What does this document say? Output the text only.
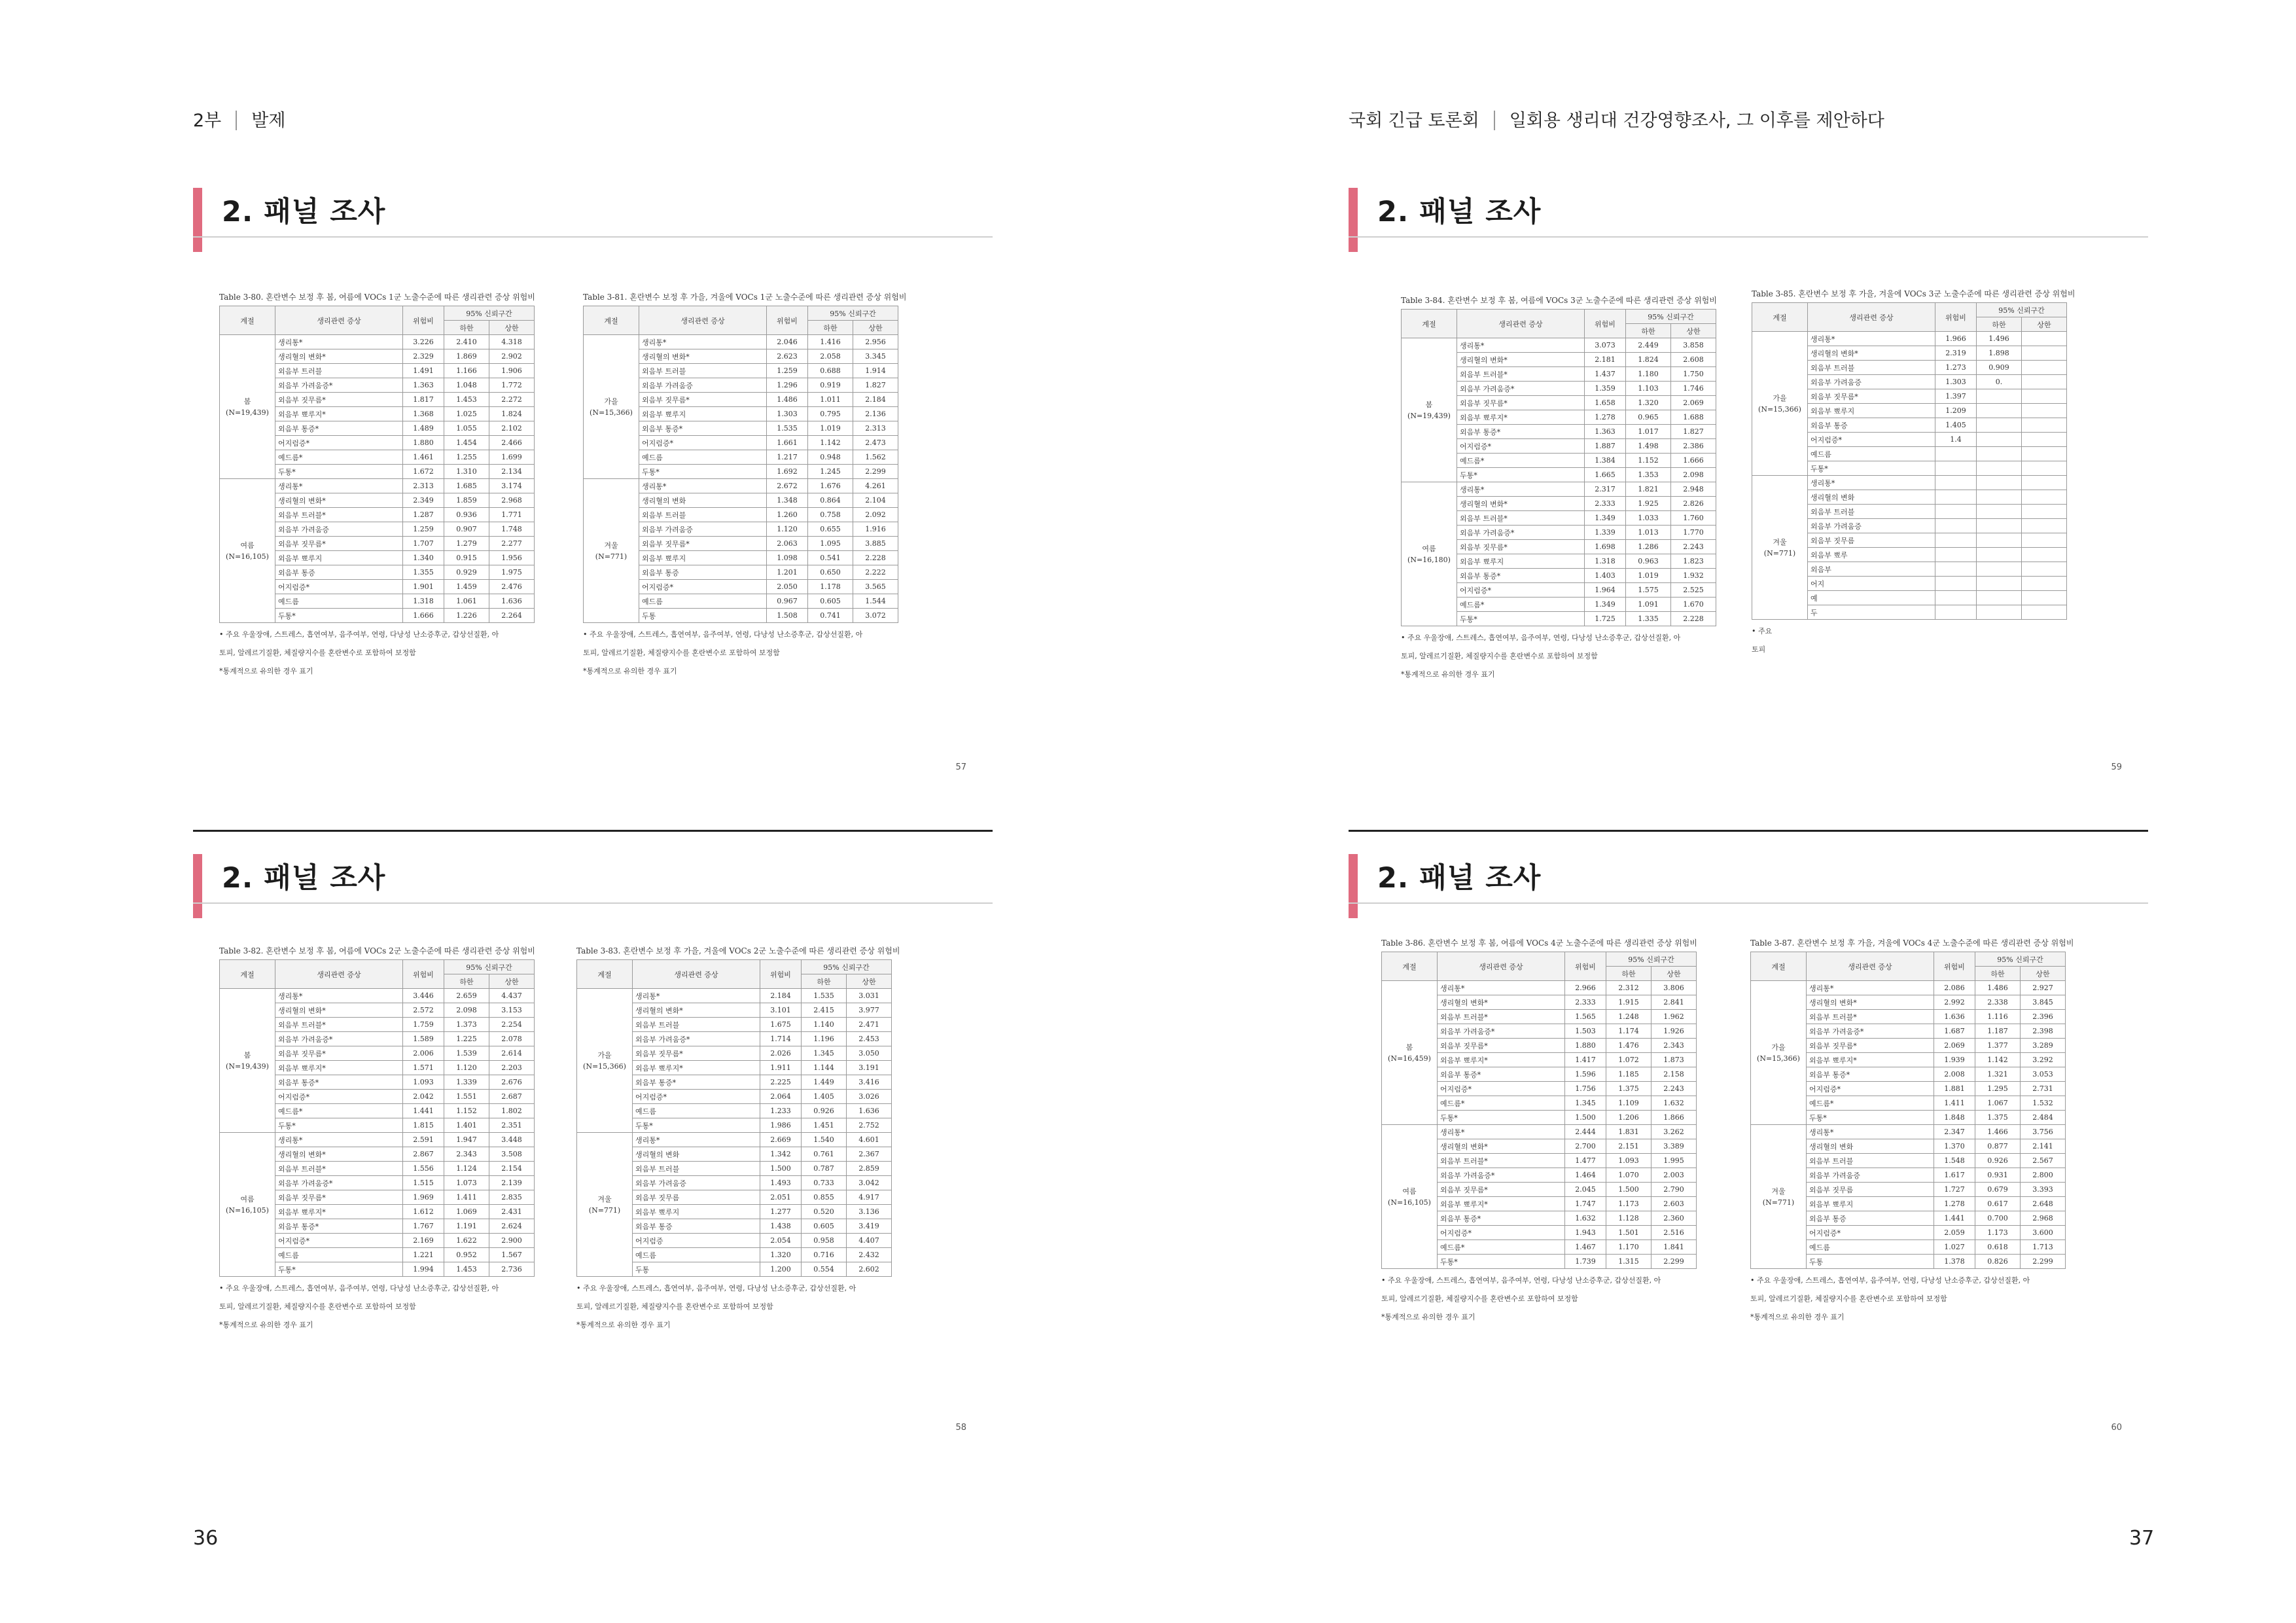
2부 발제	국회 긴급 토론회 일회용 생리대 건강영향조사, 그 이후를 제안하다
2. 패널 조사
57
Table 3-80. 혼란변수 보정 후 봄, 여름에 VOCs 1군 노출수준에 따른 생리관련 증상 위험비
계절	생리관련 증상	위험비	95% 신뢰구간	
			하한	상한

봄
(N=19,439)	생리통*	3.226	2.410	4.318
	생리혈의 변화*	2.329	1.869	2.902
	외음부 트러블	1.491	1.166	1.906
	외음부 가려움증*	1.363	1.048	1.772
	외음부 짓무름*	1.817	1.453	2.272
	외음부 뾰루지*	1.368	1.025	1.824
	외음부 통증*	1.489	1.055	2.102
	어지럼증*	1.880	1.454	2.466
	예드름*	1.461	1.255	1.699
	두통*	1.672	1.310	2.134

여름
(N=16,105)	생리통*	2.313	1.685	3.174
	생리혈의 변화*	2.349	1.859	2.968
	외음부 트러블*	1.287	0.936	1.771
	외음부 가려움증	1.259	0.907	1.748
	외음부 짓무름*	1.707	1.279	2.277
	외음부 뾰루지	1.340	0.915	1.956
	외음부 통증	1.355	0.929	1.975
	어지럼증*	1.901	1.459	2.476
	예드름	1.318	1.061	1.636
	두통*	1.666	1.226	2.264
• 주요 우울장애, 스트레스, 흡연여부, 음주여부, 연령, 다낭성 난소증후군, 갑상선질환, 아
토피, 알레르기질환, 체질량지수를 혼란변수로 포함하여 보정함
*통계적으로 유의한 경우 표기
Table 3-81. 혼란변수 보정 후 가을, 겨울에 VOCs 1군 노출수준에 따른 생리관련 증상 위험비
계절	생리관련 증상	위험비	95% 신뢰구간	
			하한	상한

가을
(N=15,366)	생리통*	2.046	1.416	2.956
	생리혈의 변화*	2.623	2.058	3.345
	외음부 트러블	1.259	0.688	1.914
	외음부 가려움증	1.296	0.919	1.827
	외음부 짓무름*	1.486	1.011	2.184
	외음부 뾰루지	1.303	0.795	2.136
	외음부 통증*	1.535	1.019	2.313
	어지럼증*	1.661	1.142	2.473
	예드름	1.217	0.948	1.562
	두통*	1.692	1.245	2.299

겨울
(N=771)	생리통*	2.672	1.676	4.261
	생리혈의 변화	1.348	0.864	2.104
	외음부 트러블	1.260	0.758	2.092
	외음부 가려움증	1.120	0.655	1.916
	외음부 짓무름*	2.063	1.095	3.885
	외음부 뾰루지	1.098	0.541	2.228
	외음부 통증	1.201	0.650	2.222
	어지럼증*	2.050	1.178	3.565
	예드름	0.967	0.605	1.544
	두통	1.508	0.741	3.072
• 주요 우울장애, 스트레스, 흡연여부, 음주여부, 연령, 다낭성 난소증후군, 갑상선질환, 아
토피, 알레르기질환, 체질량지수를 혼란변수로 포함하여 보정함
*통계적으로 유의한 경우 표기
2. 패널 조사
58
Table 3-82. 혼란변수 보정 후 봄, 여름에 VOCs 2군 노출수준에 따른 생리관련 증상 위험비
계절	생리관련 증상	위험비	95% 신뢰구간	
			하한	상한

봄
(N=19,439)	생리통*	3.446	2.659	4.437
	생리혈의 변화*	2.572	2.098	3.153
	외음부 트러블*	1.759	1.373	2.254
	외음부 가려움증*	1.589	1.225	2.078
	외음부 짓무름*	2.006	1.539	2.614
	외음부 뾰루지*	1.571	1.120	2.203
	외음부 통증*	1.093	1.339	2.676
	어지럼증*	2.042	1.551	2.687
	예드름*	1.441	1.152	1.802
	두통*	1.815	1.401	2.351

여름
(N=16,105)	생리통*	2.591	1.947	3.448
	생리혈의 변화*	2.867	2.343	3.508
	외음부 트러블*	1.556	1.124	2.154
	외음부 가려움증*	1.515	1.073	2.139
	외음부 짓무름*	1.969	1.411	2.835
	외음부 뾰루지*	1.612	1.069	2.431
	외음부 통증*	1.767	1.191	2.624
	어지럼증*	2.169	1.622	2.900
	예드름	1.221	0.952	1.567
	두통*	1.994	1.453	2.736
• 주요 우울장애, 스트레스, 흡연여부, 음주여부, 연령, 다낭성 난소증후군, 갑상선질환, 아
토피, 알레르기질환, 체질량지수를 혼란변수로 포함하여 보정함
*통계적으로 유의한 경우 표기
Table 3-83. 혼란변수 보정 후 가을, 겨울에 VOCs 2군 노출수준에 따른 생리관련 증상 위험비
계절	생리관련 증상	위험비	95% 신뢰구간	
			하한	상한

가을
(N=15,366)	생리통*	2.184	1.535	3.031
	생리혈의 변화*	3.101	2.415	3.977
	외음부 트러블	1.675	1.140	2.471
	외음부 가려움증*	1.714	1.196	2.453
	외음부 짓무름*	2.026	1.345	3.050
	외음부 뾰루지*	1.911	1.144	3.191
	외음부 통증*	2.225	1.449	3.416
	어지럼증*	2.064	1.405	3.026
	예드름	1.233	0.926	1.636
	두통*	1.986	1.451	2.752

겨울
(N=771)	생리통*	2.669	1.540	4.601
	생리혈의 변화	1.342	0.761	2.367
	외음부 트러블	1.500	0.787	2.859
	외음부 가려움증	1.493	0.733	3.042
	외음부 짓무름	2.051	0.855	4.917
	외음부 뾰루지	1.277	0.520	3.136
	외음부 통증	1.438	0.605	3.419
	어지럼증	2.054	0.958	4.407
	예드름	1.320	0.716	2.432
	두통	1.200	0.554	2.602
• 주요 우울장애, 스트레스, 흡연여부, 음주여부, 연령, 다낭성 난소증후군, 갑상선질환, 아
토피, 알레르기질환, 체질량지수를 혼란변수로 포함하여 보정함
*통계적으로 유의한 경우 표기
2. 패널 조사
59
Table 3-84. 혼란변수 보정 후 봄, 여름에 VOCs 3군 노출수준에 따른 생리관련 증상 위험비
계절	생리관련 증상	위험비	95% 신뢰구간	
			하한	상한

봄
(N=19,439)	생리통*	3.073	2.449	3.858
	생리혈의 변화*	2.181	1.824	2.608
	외음부 트러블*	1.437	1.180	1.750
	외음부 가려움증*	1.359	1.103	1.746
	외음부 짓무름*	1.658	1.320	2.069
	외음부 뾰루지*	1.278	0.965	1.688
	외음부 통증*	1.363	1.017	1.827
	어지럼증*	1.887	1.498	2.386
	예드름*	1.384	1.152	1.666
	두통*	1.665	1.353	2.098

여름
(N=16,180)	생리통*	2.317	1.821	2.948
	생리혈의 변화*	2.333	1.925	2.826
	외음부 트러블*	1.349	1.033	1.760
	외음부 가려움증*	1.339	1.013	1.770
	외음부 짓무름*	1.698	1.286	2.243
	외음부 뾰루지	1.318	0.963	1.823
	외음부 통증*	1.403	1.019	1.932
	어지럼증*	1.964	1.575	2.525
	예드름*	1.349	1.091	1.670
	두통*	1.725	1.335	2.228
• 주요 우울장애, 스트레스, 흡연여부, 음주여부, 연령, 다낭성 난소증후군, 갑상선질환, 아
토피, 알레르기질환, 체질량지수를 혼란변수로 포함하여 보정함
*통계적으로 유의한 경우 표기
Table 3-85. 혼란변수 보정 후 가을, 겨울에 VOCs 3군 노출수준에 따른 생리관련 증상 위험비
계절	생리관련 증상	위험비	95% 신뢰구간	
			하한	상한

가을
(N=15,366)	생리통*	1.966	1.496	
	생리혈의 변화*	2.319	1.898	
	외음부 트러블	1.273	0.909	
	외음부 가려움증	1.303	0.	
	외음부 짓무름*	1.397		
	외음부 뾰루지	1.209		
	외음부 통증	1.405		
	어지럼증*	1.4		
	예드름			
	두통*			

겨울
(N=771)	생리통*			
	생리혈의 변화			
	외음부 트러블			
	외음부 가려움증			
	외음부 짓무름			
	외음부 뾰루			
	외음부			
	어지			
	예			
	두			
• 주요
토피
2. 패널 조사
60
Table 3-86. 혼란변수 보정 후 봄, 여름에 VOCs 4군 노출수준에 따른 생리관련 증상 위험비
계절	생리관련 증상	위험비	95% 신뢰구간	
			하한	상한

봄
(N=16,459)	생리통*	2.966	2.312	3.806
	생리혈의 변화*	2.333	1.915	2.841
	외음부 트러블*	1.565	1.248	1.962
	외음부 가려움증*	1.503	1.174	1.926
	외음부 짓무름*	1.880	1.476	2.343
	외음부 뾰루지*	1.417	1.072	1.873
	외음부 통증*	1.596	1.185	2.158
	어지럼증*	1.756	1.375	2.243
	예드름*	1.345	1.109	1.632
	두통*	1.500	1.206	1.866

여름
(N=16,105)	생리통*	2.444	1.831	3.262
	생리혈의 변화*	2.700	2.151	3.389
	외음부 트러블*	1.477	1.093	1.995
	외음부 가려움증*	1.464	1.070	2.003
	외음부 짓무름*	2.045	1.500	2.790
	외음부 뾰루지*	1.747	1.173	2.603
	외음부 통증*	1.632	1.128	2.360
	어지럼증*	1.943	1.501	2.516
	예드름*	1.467	1.170	1.841
	두통*	1.739	1.315	2.299
• 주요 우울장애, 스트레스, 흡연여부, 음주여부, 연령, 다낭성 난소증후군, 갑상선질환, 아
토피, 알레르기질환, 체질량지수를 혼란변수로 포함하여 보정함
*통계적으로 유의한 경우 표기
Table 3-87. 혼란변수 보정 후 가을, 겨울에 VOCs 4군 노출수준에 따른 생리관련 증상 위험비
계절	생리관련 증상	위험비	95% 신뢰구간	
			하한	상한

가을
(N=15,366)	생리통*	2.086	1.486	2.927
	생리혈의 변화*	2.992	2.338	3.845
	외음부 트러블*	1.636	1.116	2.396
	외음부 가려움증*	1.687	1.187	2.398
	외음부 짓무름*	2.069	1.377	3.289
	외음부 뾰루지*	1.939	1.142	3.292
	외음부 통증*	2.008	1.321	3.053
	어지럼증*	1.881	1.295	2.731
	예드름*	1.411	1.067	1.532
	두통*	1.848	1.375	2.484

겨울
(N=771)	생리통*	2.347	1.466	3.756
	생리혈의 변화	1.370	0.877	2.141
	외음부 트러블	1.548	0.926	2.567
	외음부 가려움증	1.617	0.931	2.800
	외음부 짓무름	1.727	0.679	3.393
	외음부 뾰루지	1.278	0.617	2.648
	외음부 통증	1.441	0.700	2.968
	어지럼증*	2.059	1.173	3.600
	예드름	1.027	0.618	1.713
	두통	1.378	0.826	2.299
• 주요 우울장애, 스트레스, 흡연여부, 음주여부, 연령, 다낭성 난소증후군, 갑상선질환, 아
토피, 알레르기질환, 체질량지수를 혼란변수로 포함하여 보정함
*통계적으로 유의한 경우 표기
36	37
